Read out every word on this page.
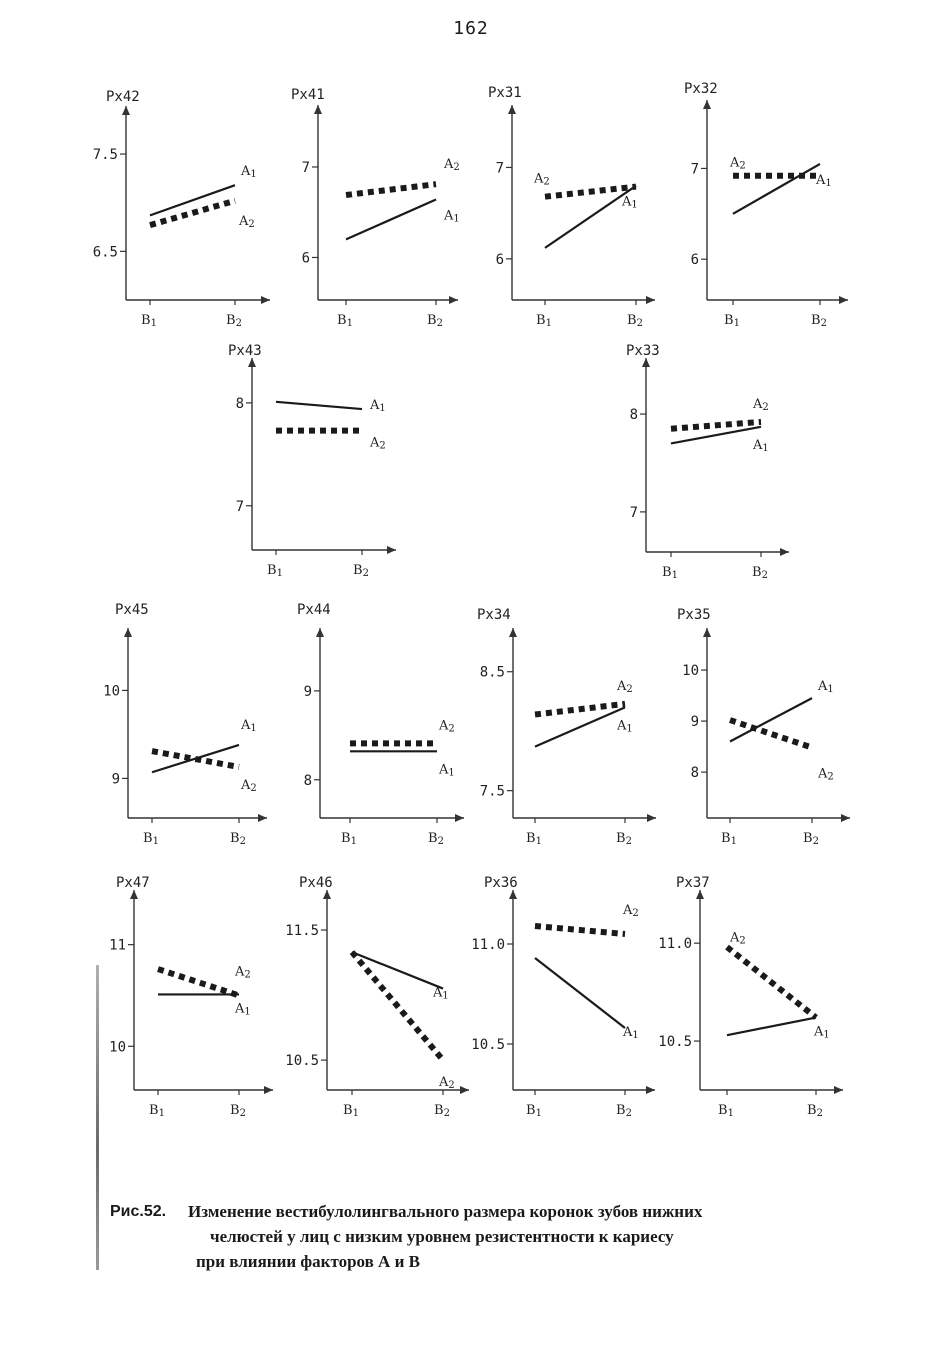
162
Px42
7.5
6.5
B1	B2
A1
A2
Px41
7
6
B1	B2
A1
A2
Px31
7
6
B1	B2
A1
A2
Px32
7
6
B1	B2
A1
A2
Px43
8
7
B1	B2
A1
A2
Px33
8
7
B1	B2
A1
A2
Px45
10
9
B1	B2
A1
A2
Px44
9
8
B1	B2
A1
A2
Px34
8.5
7.5
B1	B2
A1
A2
Px35
10
9
8
B1	B2
A1
A2
Px47
11
10
B1	B2
A1
A2
Px46
11.5
10.5
B1	B2
A1
A2
Px36
11.0
10.5
B1	B2
A1
A2
Px37
11.0
10.5
B1	B2
A1
A2
Рис.52. Изменение вестибулолингвального размера коронок зубов нижних
челюстей у лиц с низким уровнем резистентности к кариесу
при влиянии факторов А и В
